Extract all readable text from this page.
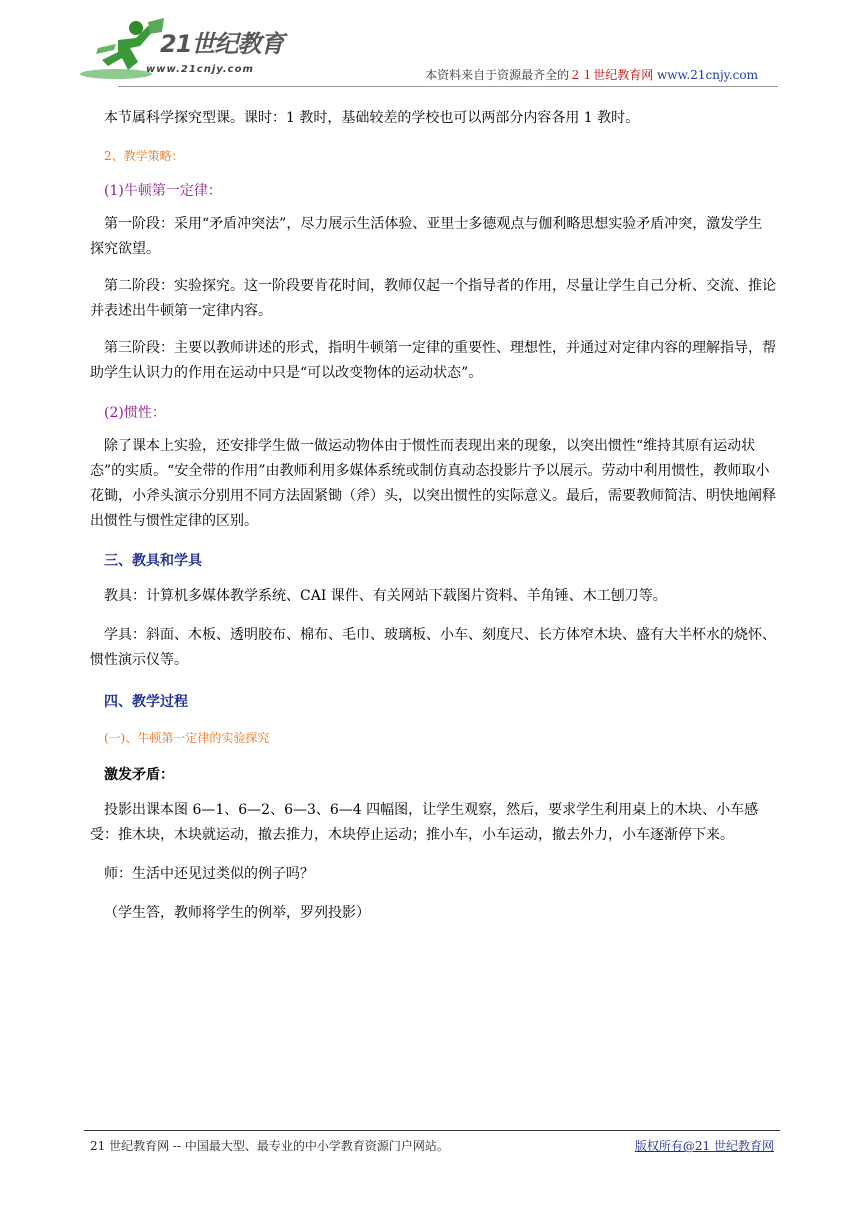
21世纪教育
www.21cnjy.com	本资料来自于资源最齐全的２１世纪教育网 www.21cnjy.com

本节属科学探究型课。课时：1 教时，基础较差的学校也可以两部分内容各用 1 教时。

2、教学策略：

(1)牛顿第一定律：

第一阶段：采用“矛盾冲突法”，尽力展示生活体验、亚里士多德观点与伽利略思想实验矛盾冲突，激发学生探究欲望。

第二阶段：实验探究。这一阶段要肯花时间，教师仅起一个指导者的作用，尽量让学生自己分析、交流、推论并表述出牛顿第一定律内容。

第三阶段：主要以教师讲述的形式，指明牛顿第一定律的重要性、理想性，并通过对定律内容的理解指导，帮助学生认识力的作用在运动中只是“可以改变物体的运动状态”。

(2)惯性：

除了课本上实验，还安排学生做一做运动物体由于惯性而表现出来的现象，以突出惯性“维持其原有运动状态”的实质。“安全带的作用”由教师利用多媒体系统或制仿真动态投影片予以展示。劳动中利用惯性，教师取小花锄，小斧头演示分别用不同方法固紧锄（斧）头，以突出惯性的实际意义。最后，需要教师简洁、明快地阐释出惯性与惯性定律的区别。

三、教具和学具

教具：计算机多媒体教学系统、CAI 课件、有关网站下载图片资料、羊角锤、木工刨刀等。

学具：斜面、木板、透明胶布、棉布、毛巾、玻璃板、小车、刻度尺、长方体窄木块、盛有大半杯水的烧怀、惯性演示仪等。

四、教学过程

(一)、牛顿第一定律的实验探究

激发矛盾：

投影出课本图 6—1、6—2、6—3、6—4 四幅图，让学生观察，然后，要求学生利用桌上的木块、小车感受：推木块，木块就运动，撤去推力，木块停止运动；推小车，小车运动，撤去外力，小车逐渐停下来。

师：生活中还见过类似的例子吗？

（学生答，教师将学生的例举，罗列投影）

21 世纪教育网 -- 中国最大型、最专业的中小学教育资源门户网站。	版权所有@21 世纪教育网
